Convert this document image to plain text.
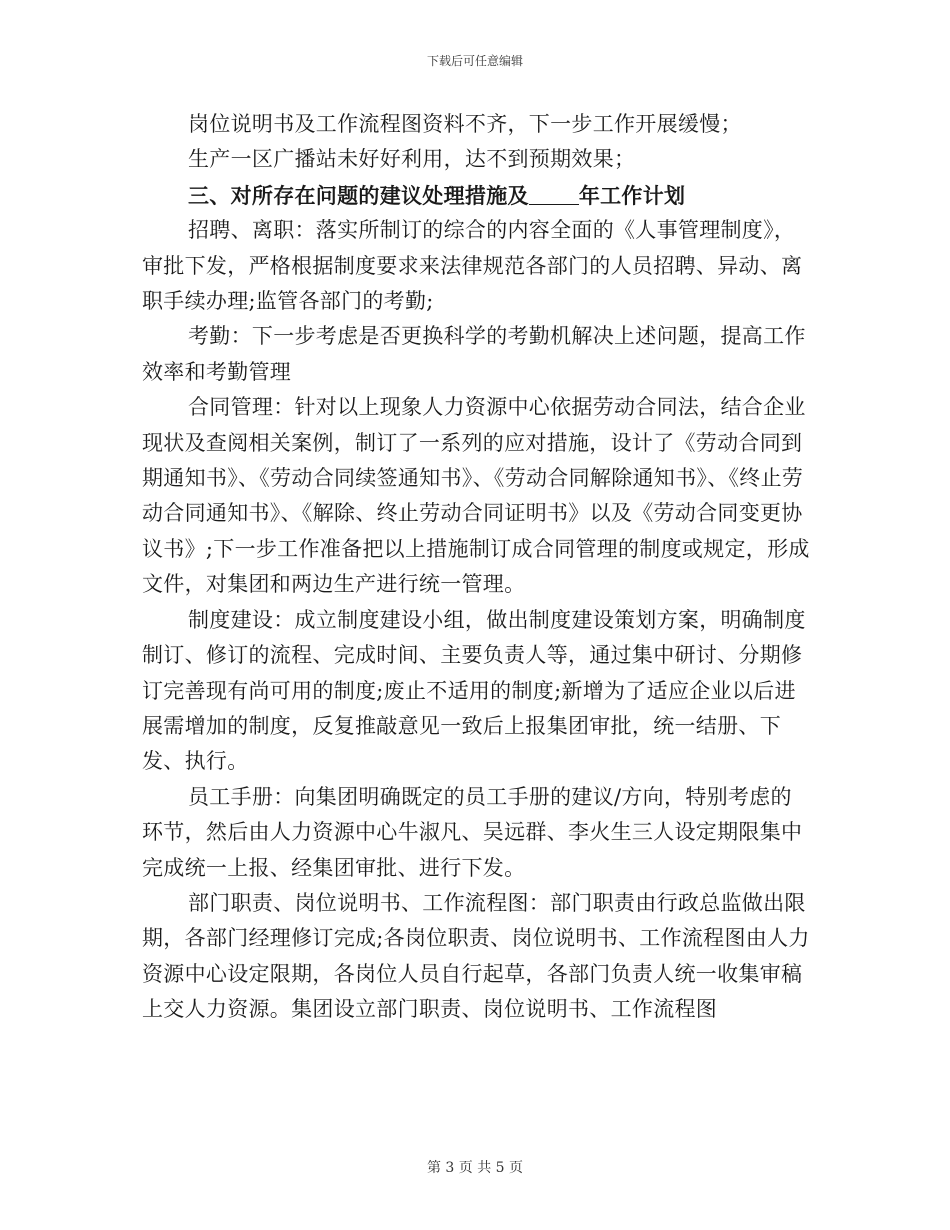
下载后可任意编辑

岗位说明书及工作流程图资料不齐，下一步工作开展缓慢；

生产一区广播站未好好利用，达不到预期效果；

三、对所存在问题的建议处理措施及 年工作计划

招聘、离职：落实所制订的综合的内容全面的《人事管理制度》，审批下发，严格根据制度要求来法律规范各部门的人员招聘、异动、离职手续办理;监管各部门的考勤;

考勤：下一步考虑是否更换科学的考勤机解决上述问题，提高工作效率和考勤管理

合同管理：针对以上现象人力资源中心依据劳动合同法，结合企业现状及查阅相关案例，制订了一系列的应对措施，设计了《劳动合同到期通知书》、《劳动合同续签通知书》、《劳动合同解除通知书》、《终止劳动合同通知书》、《解除、终止劳动合同证明书》以及《劳动合同变更协议书》;下一步工作准备把以上措施制订成合同管理的制度或规定，形成文件，对集团和两边生产进行统一管理。

制度建设：成立制度建设小组，做出制度建设策划方案，明确制度制订、修订的流程、完成时间、主要负责人等，通过集中研讨、分期修订完善现有尚可用的制度;废止不适用的制度;新增为了适应企业以后进展需增加的制度，反复推敲意见一致后上报集团审批，统一结册、下发、执行。

员工手册：向集团明确既定的员工手册的建议/方向，特别考虑的环节，然后由人力资源中心牛淑凡、吴远群、李火生三人设定期限集中完成统一上报、经集团审批、进行下发。

部门职责、岗位说明书、工作流程图：部门职责由行政总监做出限期，各部门经理修订完成;各岗位职责、岗位说明书、工作流程图由人力资源中心设定限期，各岗位人员自行起草，各部门负责人统一收集审稿上交人力资源。集团设立部门职责、岗位说明书、工作流程图

第 3 页 共 5 页
